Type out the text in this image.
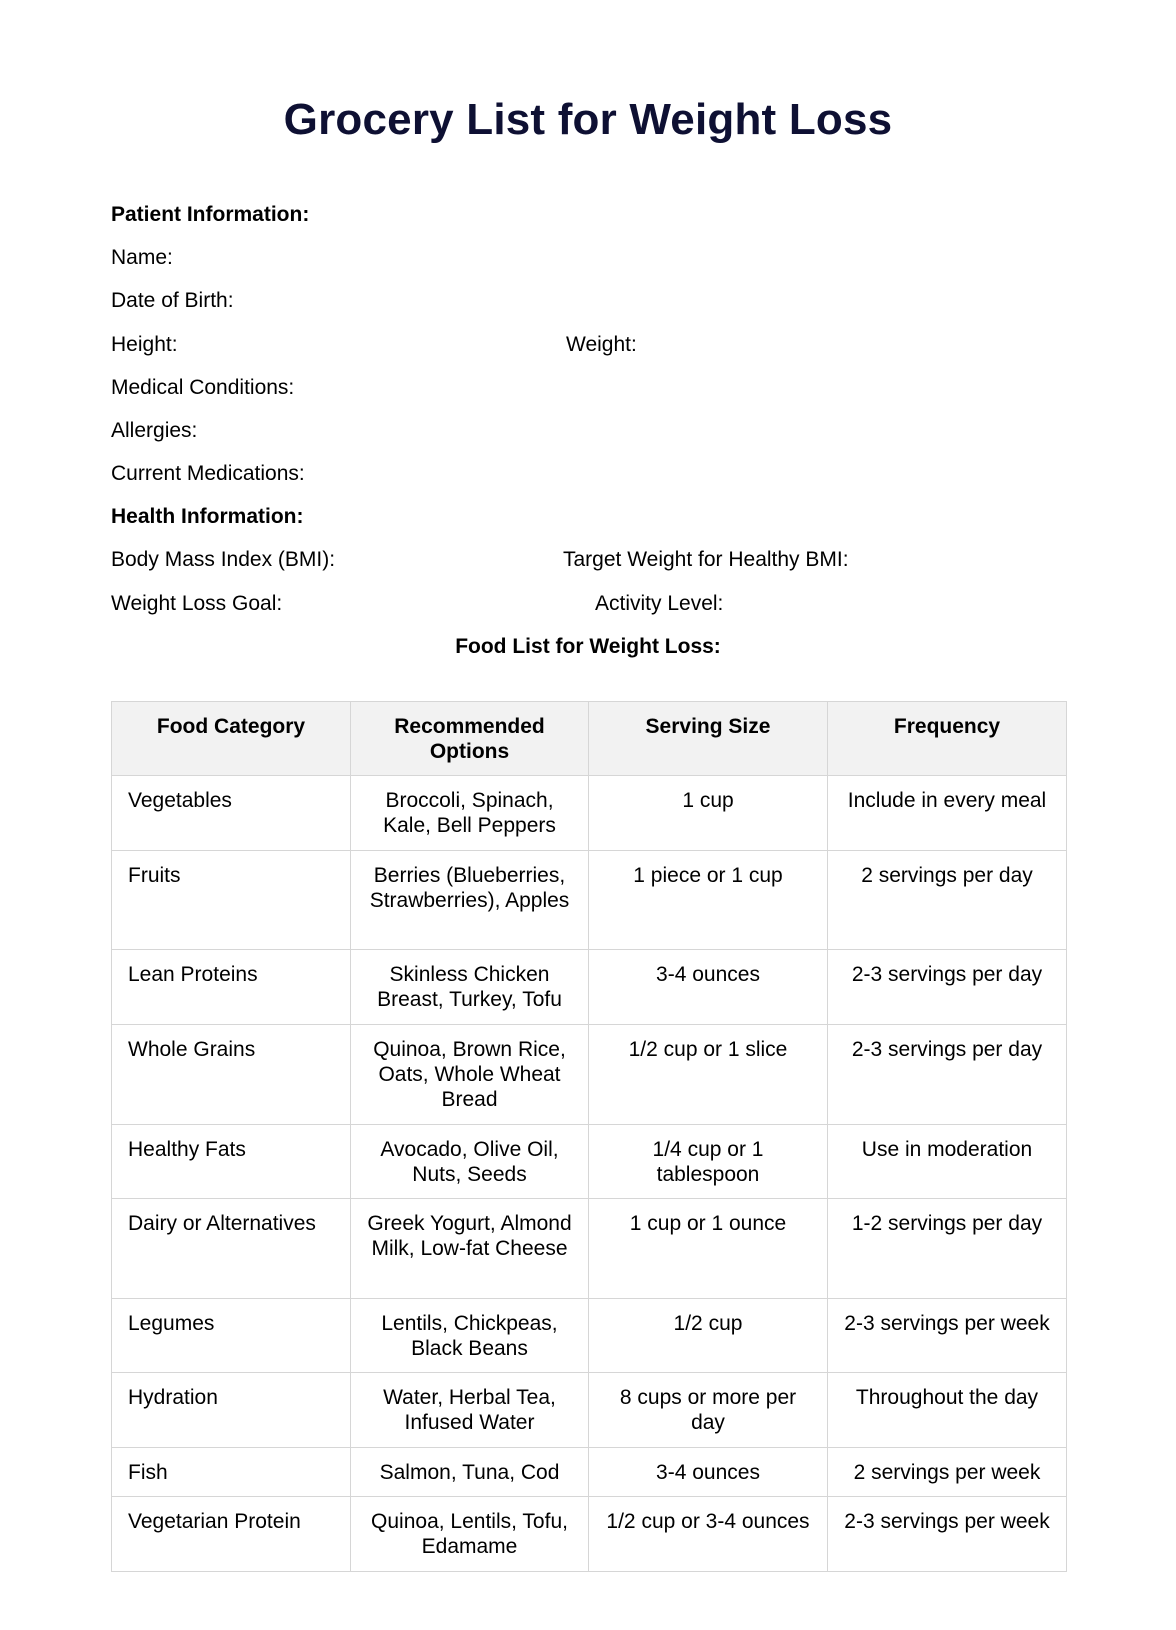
Grocery List for Weight Loss
Patient Information:
Name:
Date of Birth:
Height:	Weight:
Medical Conditions:
Allergies:
Current Medications:
Health Information:
Body Mass Index (BMI):	Target Weight for Healthy BMI:
Weight Loss Goal:	Activity Level:
Food List for Weight Loss:
Food Category	Recommended Options	Serving Size	Frequency
Vegetables	Broccoli, Spinach, Kale, Bell Peppers	1 cup	Include in every meal
Fruits	Berries (Blueberries, Strawberries), Apples	1 piece or 1 cup	2 servings per day
Lean Proteins	Skinless Chicken Breast, Turkey, Tofu	3-4 ounces	2-3 servings per day
Whole Grains	Quinoa, Brown Rice, Oats, Whole Wheat Bread	1/2 cup or 1 slice	2-3 servings per day
Healthy Fats	Avocado, Olive Oil, Nuts, Seeds	1/4 cup or 1 tablespoon	Use in moderation
Dairy or Alternatives	Greek Yogurt, Almond Milk, Low-fat Cheese	1 cup or 1 ounce	1-2 servings per day
Legumes	Lentils, Chickpeas, Black Beans	1/2 cup	2-3 servings per week
Hydration	Water, Herbal Tea, Infused Water	8 cups or more per day	Throughout the day
Fish	Salmon, Tuna, Cod	3-4 ounces	2 servings per week
Vegetarian Protein	Quinoa, Lentils, Tofu, Edamame	1/2 cup or 3-4 ounces	2-3 servings per week
